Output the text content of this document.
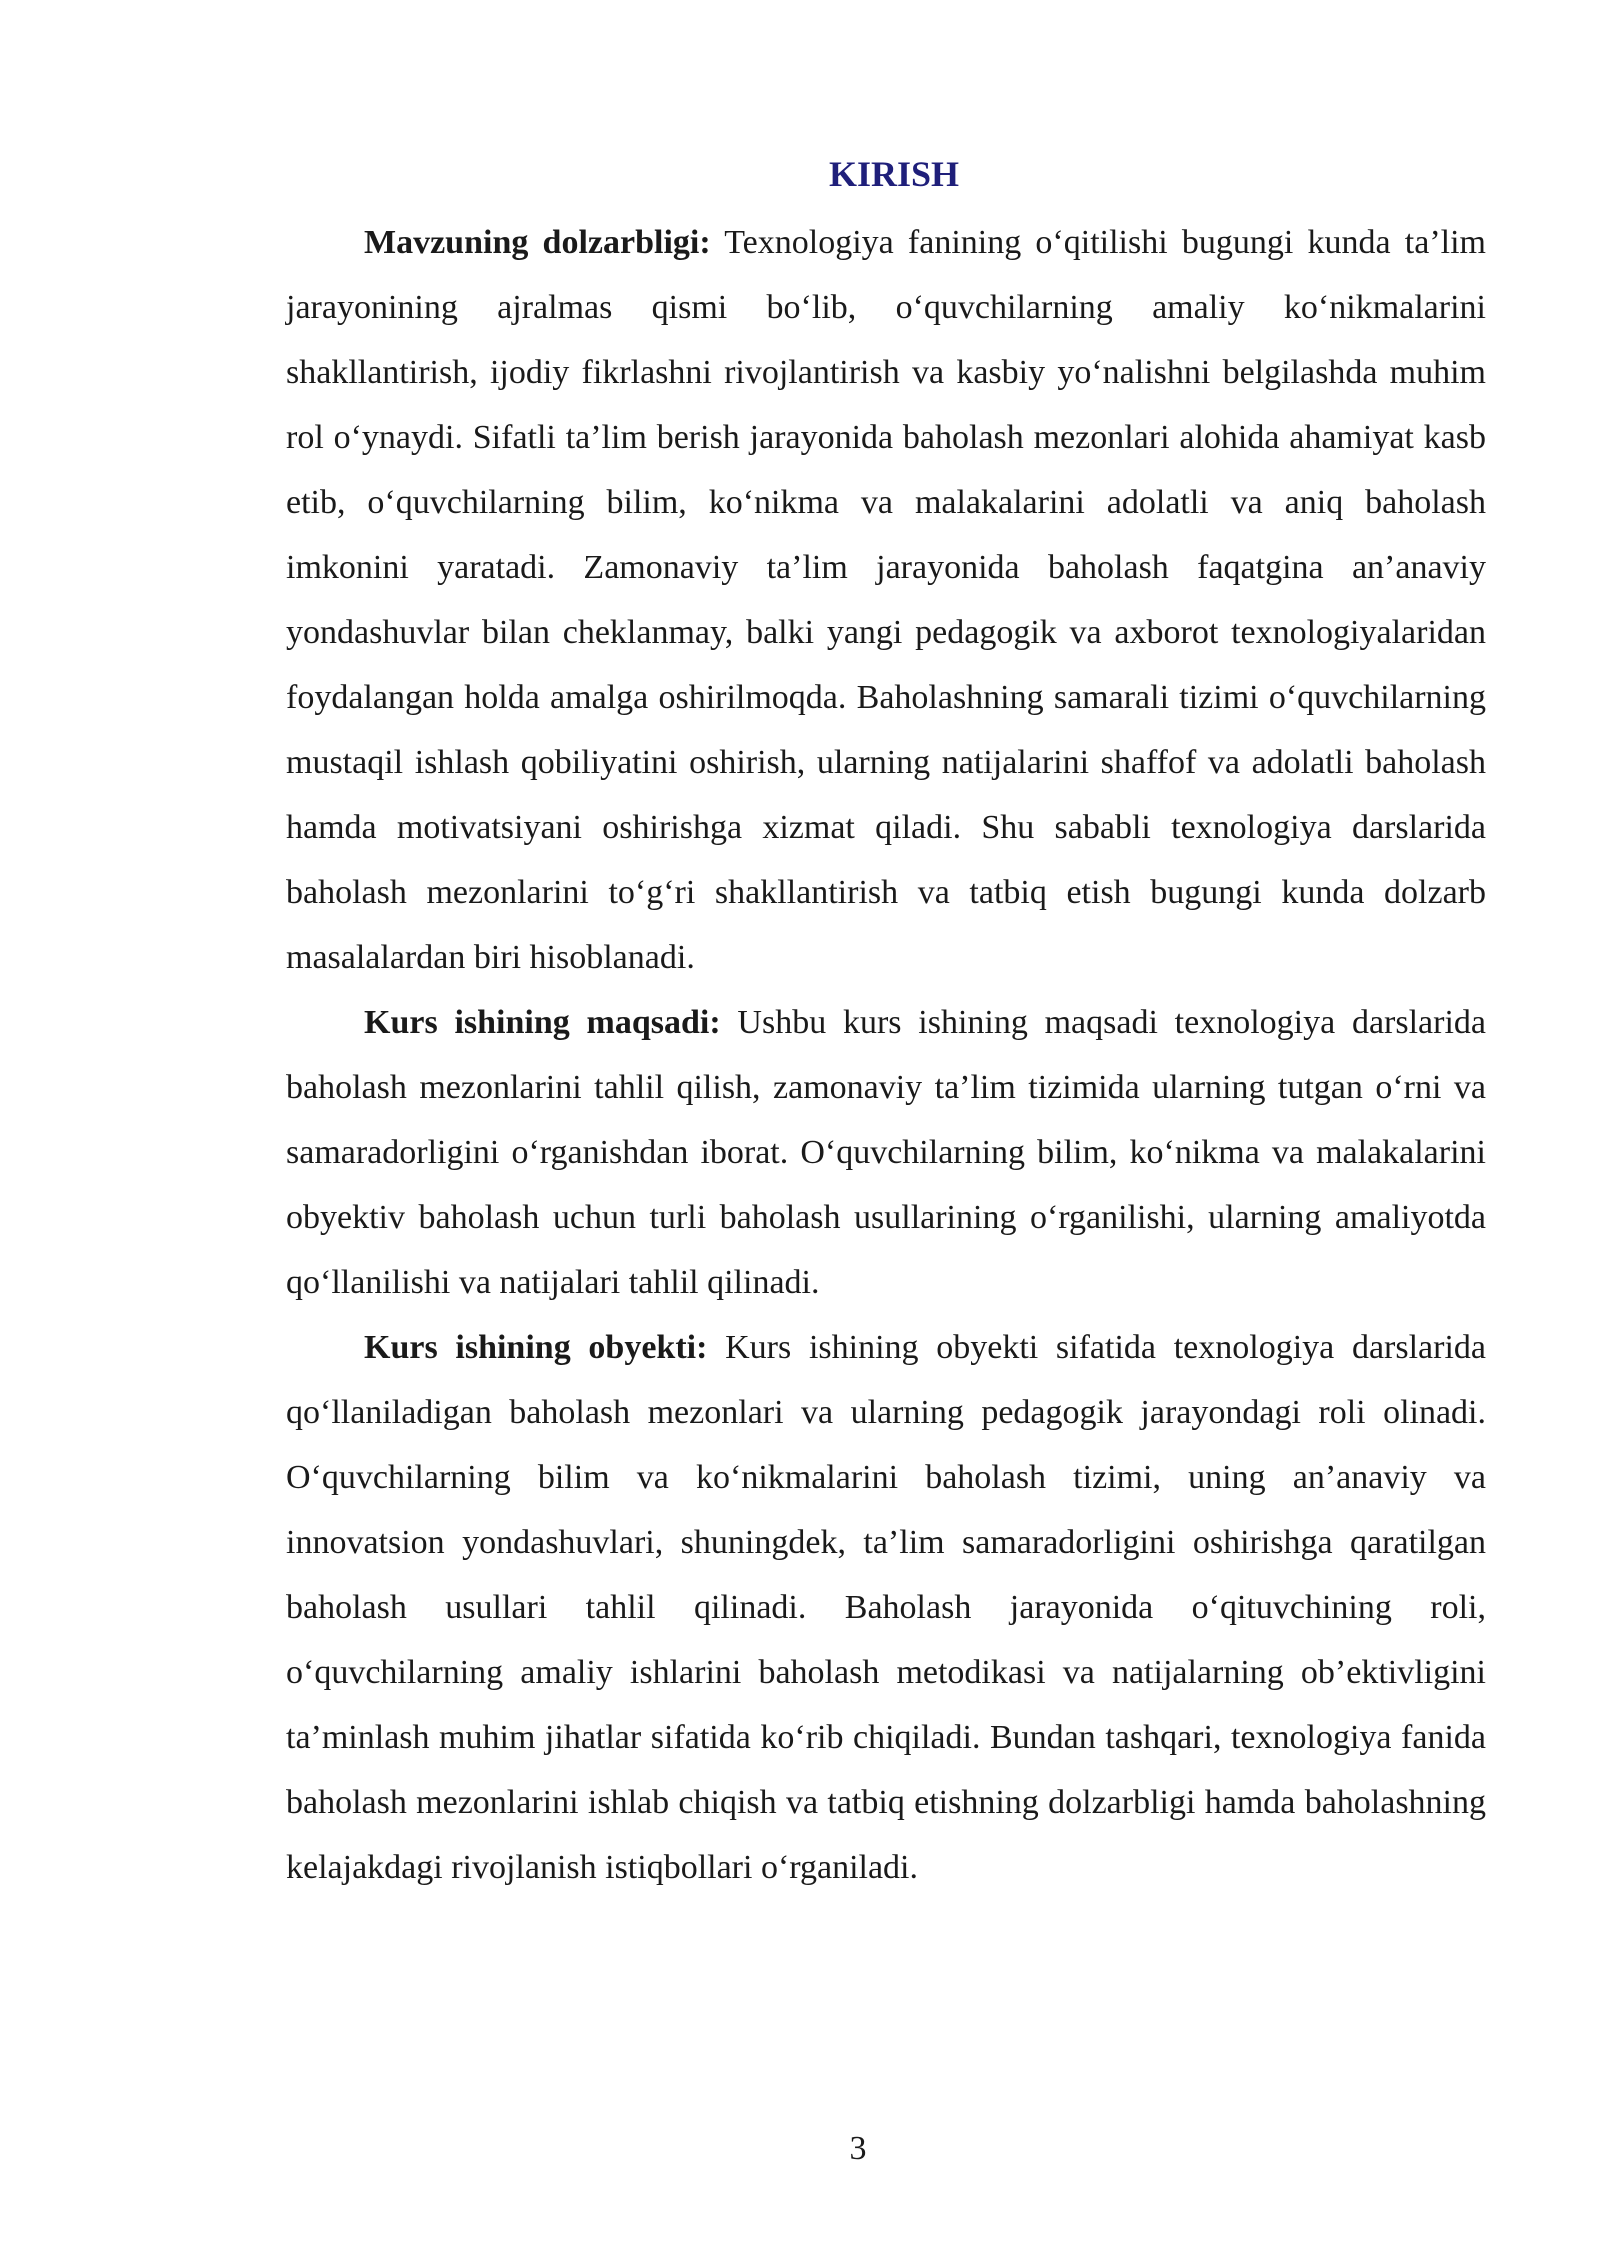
KIRISH

Mavzuning dolzarbligi: Texnologiya fanining o‘qitilishi bugungi kunda ta’lim jarayonining ajralmas qismi bo‘lib, o‘quvchilarning amaliy ko‘nikmalarini shakllantirish, ijodiy fikrlashni rivojlantirish va kasbiy yo‘nalishni belgilashda muhim rol o‘ynaydi. Sifatli ta’lim berish jarayonida baholash mezonlari alohida ahamiyat kasb etib, o‘quvchilarning bilim, ko‘nikma va malakalarini adolatli va aniq baholash imkonini yaratadi. Zamonaviy ta’lim jarayonida baholash faqatgina an’anaviy yondashuvlar bilan cheklanmay, balki yangi pedagogik va axborot texnologiyalaridan foydalangan holda amalga oshirilmoqda. Baholashning samarali tizimi o‘quvchilarning mustaqil ishlash qobiliyatini oshirish, ularning natijalarini shaffof va adolatli baholash hamda motivatsiyani oshirishga xizmat qiladi. Shu sababli texnologiya darslarida baholash mezonlarini to‘g‘ri shakllantirish va tatbiq etish bugungi kunda dolzarb masalalardan biri hisoblanadi.

Kurs ishining maqsadi: Ushbu kurs ishining maqsadi texnologiya darslarida baholash mezonlarini tahlil qilish, zamonaviy ta’lim tizimida ularning tutgan o‘rni va samaradorligini o‘rganishdan iborat. O‘quvchilarning bilim, ko‘nikma va malakalarini obyektiv baholash uchun turli baholash usullarining o‘rganilishi, ularning amaliyotda qo‘llanilishi va natijalari tahlil qilinadi.

Kurs ishining obyekti: Kurs ishining obyekti sifatida texnologiya darslarida qo‘llaniladigan baholash mezonlari va ularning pedagogik jarayondagi roli olinadi. O‘quvchilarning bilim va ko‘nikmalarini baholash tizimi, uning an’anaviy va innovatsion yondashuvlari, shuningdek, ta’lim samaradorligini oshirishga qaratilgan baholash usullari tahlil qilinadi. Baholash jarayonida o‘qituvchining roli, o‘quvchilarning amaliy ishlarini baholash metodikasi va natijalarning ob’ektivligini ta’minlash muhim jihatlar sifatida ko‘rib chiqiladi. Bundan tashqari, texnologiya fanida baholash mezonlarini ishlab chiqish va tatbiq etishning dolzarbligi hamda baholashning kelajakdagi rivojlanish istiqbollari o‘rganiladi.

3
